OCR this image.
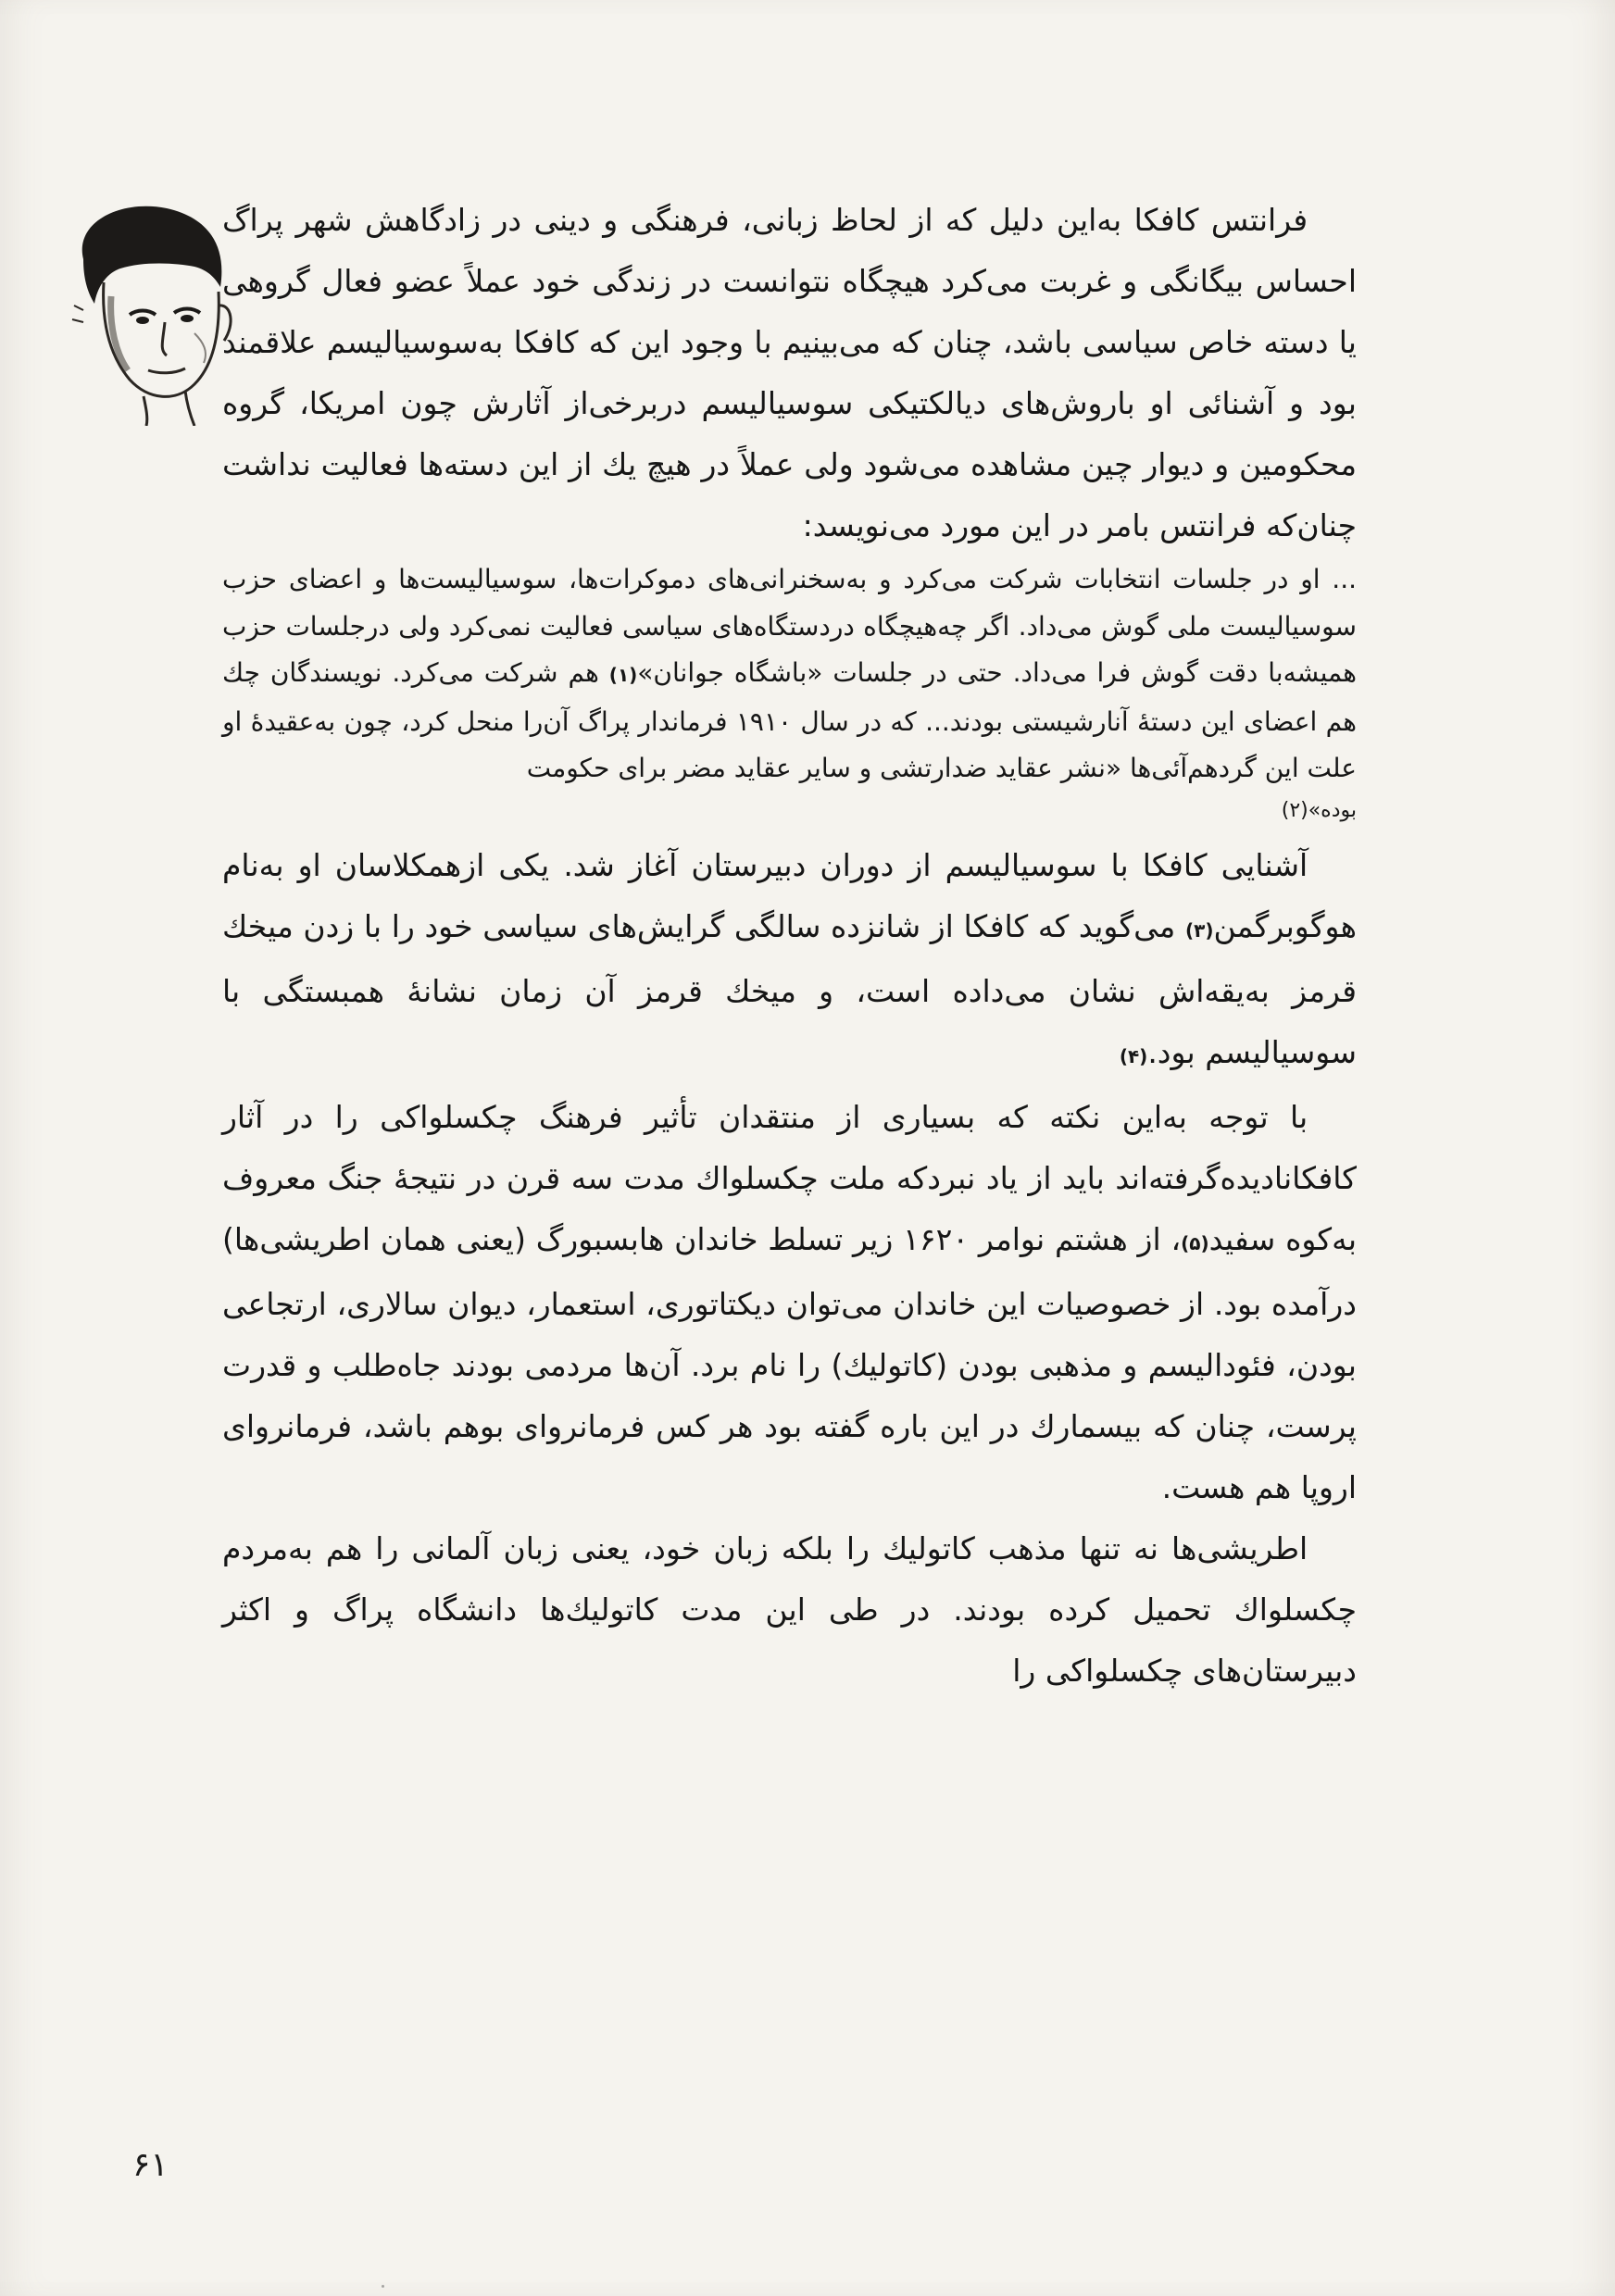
فرانتس کافکا به‌این دلیل که از لحاظ زبانی، فرهنگی و دینی در زادگاهش شهر پراگ احساس بیگانگی و غربت می‌کرد هیچگاه نتوانست در زندگی خود عملاً عضو فعال گروهی یا دسته خاص سیاسی باشد، چنان که می‌بینیم با وجود این که کافکا به‌سوسیالیسم علاقمند بود و آشنائی او باروش‌های دیالکتیکی سوسیالیسم دربرخی‌از آثارش چون امریکا، گروه محکومین و دیوار چین مشاهده می‌شود ولی عملاً در هیچ یك از این دسته‌ها فعالیت نداشت چنان‌که فرانتس بامر در این مورد می‌نویسد:

... او در جلسات انتخابات شرکت می‌کرد و به‌سخنرانی‌های دموکرات‌ها، سوسیالیست‌ها و اعضای حزب سوسیالیست ملی گوش می‌داد. اگر چه‌هیچگاه دردستگاه‌های سیاسی فعالیت نمی‌کرد ولی درجلسات حزب همیشه‌با دقت گوش فرا می‌داد. حتی در جلسات «باشگاه جوانان»(۱) هم شرکت می‌کرد. نویسندگان چك هم اعضای این دستهٔ آنارشیستی بودند... که در سال ۱۹۱۰ فرماندار پراگ آن‌را منحل کرد، چون به‌عقیدهٔ او علت این گردهم‌آئی‌ها «نشر عقاید ضدارتشی و سایر عقاید مضر برای حکومت
بوده»(۲)

آشنایی کافکا با سوسیالیسم از دوران دبیرستان آغاز شد. یکی ازهمکلاسان او به‌نام هوگوبرگمن(۳) می‌گوید که کافکا از شانزده سالگی گرایش‌های سیاسی خود را با زدن میخك قرمز به‌یقه‌اش نشان می‌داده است، و میخك قرمز آن زمان نشانهٔ همبستگی با سوسیالیسم بود.(۴)

با توجه به‌این نکته که بسیاری از منتقدان تأثیر فرهنگ چکسلواکی را در آثار کافکانادیده‌گرفته‌اند باید از یاد نبردکه ملت چکسلواك مدت سه قرن در نتیجهٔ جنگ معروف به‌کوه سفید(۵)، از هشتم نوامر ۱۶۲۰ زیر تسلط خاندان هابسبورگ (یعنی همان اطریشی‌ها) درآمده بود. از خصوصیات این خاندان می‌توان دیکتاتوری، استعمار، دیوان سالاری، ارتجاعی بودن، فئودالیسم و مذهبی بودن (کاتولیك) را نام برد. آن‌ها مردمی بودند جاه‌طلب و قدرت پرست، چنان که بیسمارك در این باره گفته بود هر کس فرمانروای بوهم باشد، فرمانروای اروپا هم هست.

اطریشی‌ها نه تنها مذهب کاتولیك را بلکه زبان خود، یعنی زبان آلمانی را هم به‌مردم چکسلواك تحمیل کرده بودند. در طی این مدت کاتولیك‌ها دانشگاه پراگ و اکثر دبیرستان‌های چکسلواکی را

۶۱
